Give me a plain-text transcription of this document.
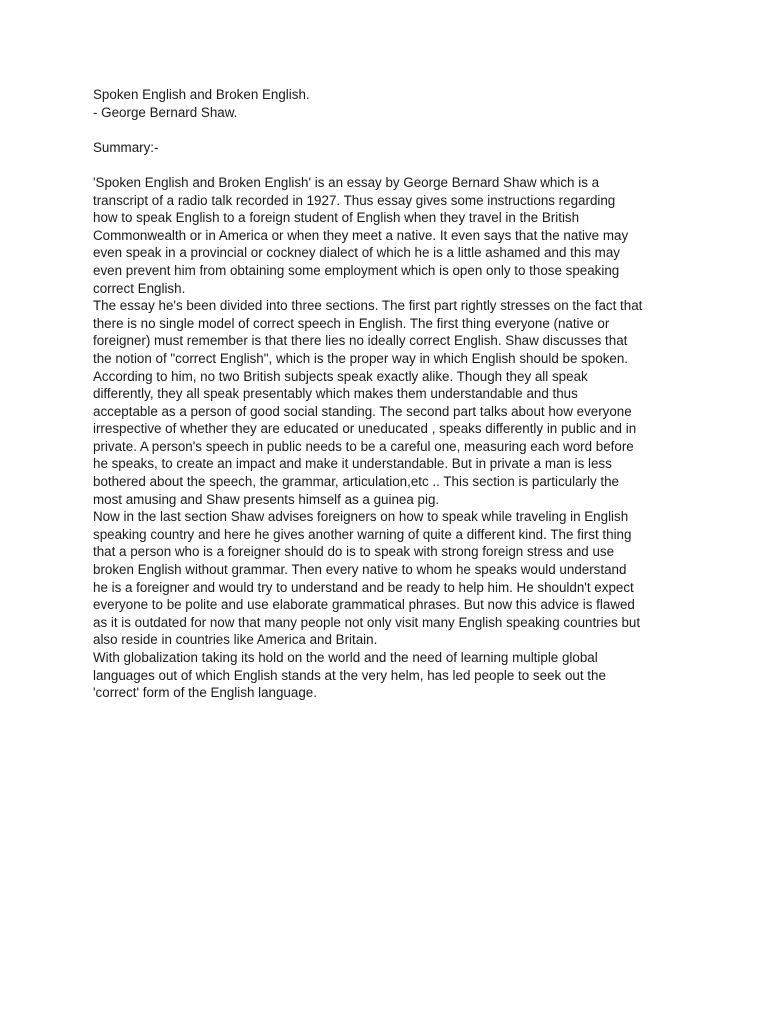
Spoken English and Broken English.
- George Bernard Shaw.
Summary:-
'Spoken English and Broken English' is an essay by George Bernard Shaw which is a
transcript of a radio talk recorded in 1927. Thus essay gives some instructions regarding
how to speak English to a foreign student of English when they travel in the British
Commonwealth or in America or when they meet a native. It even says that the native may
even speak in a provincial or cockney dialect of which he is a little ashamed and this may
even prevent him from obtaining some employment which is open only to those speaking
correct English.
The essay he's been divided into three sections. The first part rightly stresses on the fact that
there is no single model of correct speech in English. The first thing everyone (native or
foreigner) must remember is that there lies no ideally correct English. Shaw discusses that
the notion of "correct English", which is the proper way in which English should be spoken.
According to him, no two British subjects speak exactly alike. Though they all speak
differently, they all speak presentably which makes them understandable and thus
acceptable as a person of good social standing. The second part talks about how everyone
irrespective of whether they are educated or uneducated , speaks differently in public and in
private. A person's speech in public needs to be a careful one, measuring each word before
he speaks, to create an impact and make it understandable. But in private a man is less
bothered about the speech, the grammar, articulation,etc .. This section is particularly the
most amusing and Shaw presents himself as a guinea pig.
Now in the last section Shaw advises foreigners on how to speak while traveling in English
speaking country and here he gives another warning of quite a different kind. The first thing
that a person who is a foreigner should do is to speak with strong foreign stress and use
broken English without grammar. Then every native to whom he speaks would understand
he is a foreigner and would try to understand and be ready to help him. He shouldn't expect
everyone to be polite and use elaborate grammatical phrases. But now this advice is flawed
as it is outdated for now that many people not only visit many English speaking countries but
also reside in countries like America and Britain.
With globalization taking its hold on the world and the need of learning multiple global
languages out of which English stands at the very helm, has led people to seek out the
'correct' form of the English language.
